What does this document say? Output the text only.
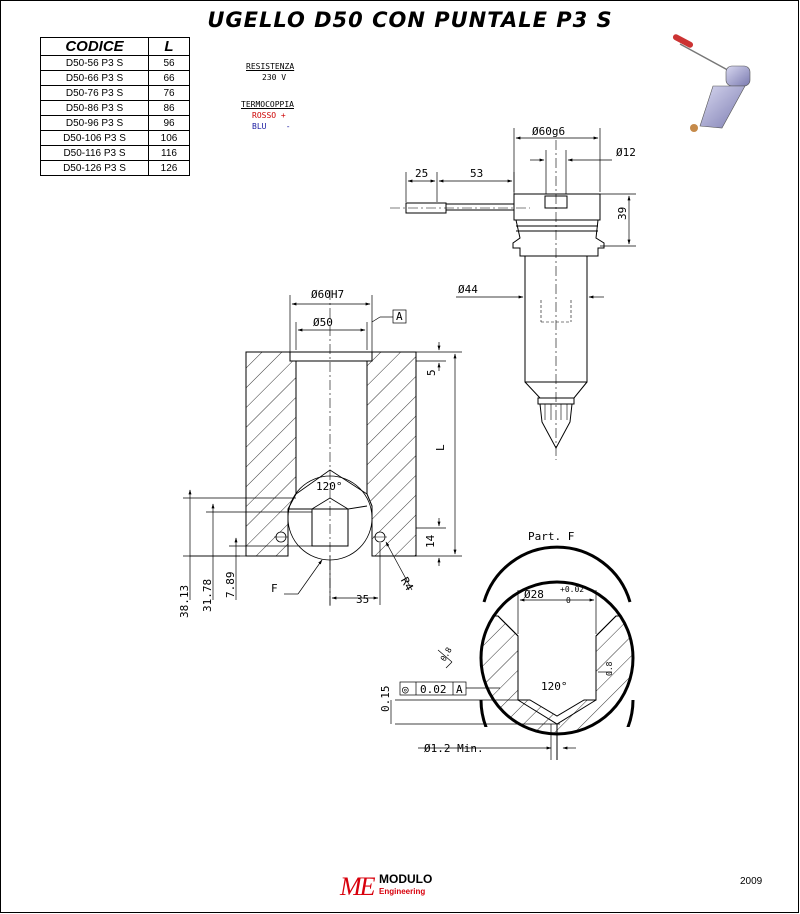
UGELLO D50 CON PUNTALE P3 S
CODICE	L
D50-56 P3 S	56
D50-66 P3 S	66
D50-76 P3 S	76
D50-86 P3 S	86
D50-96 P3 S	96
D50-106 P3 S	106
D50-116 P3 S	116
D50-126 P3 S	126
RESISTENZA
230 V
TERMOCOPPIA
ROSSO +
BLU    -	Ø60g6
Ø12
25	53
39
Ø44
Ø60H7
Ø50	A
5
L
120°
14
35
R4
F
38.13 31.78 7.89
Part. F
Ø28 +0.02
0
0.8
0.8
120°
0.15 ◎ 0.02 A
Ø1.2 Min.
ME MODULO
Engineering
2009
